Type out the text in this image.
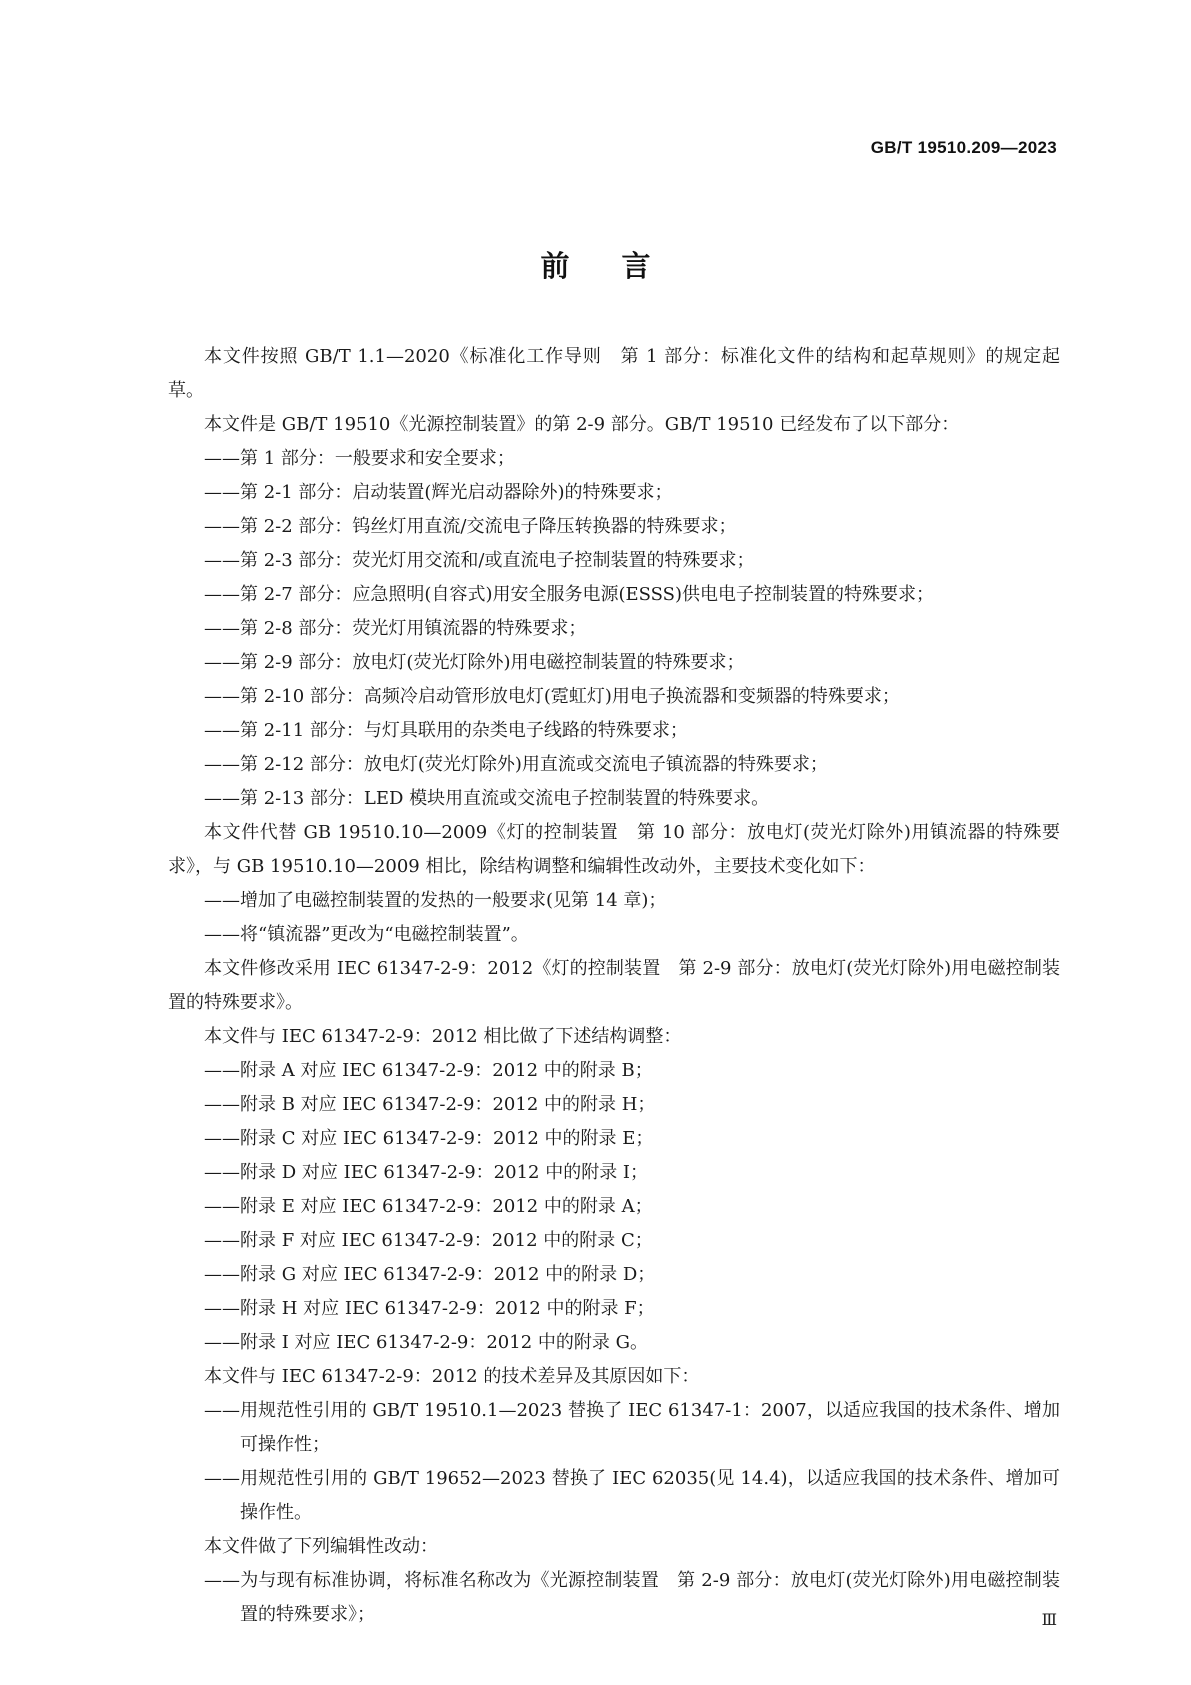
GB/T 19510.209—2023
前言
本文件按照 GB/T 1.1—2020《标准化工作导则　第 1 部分：标准化文件的结构和起草规则》的规定起草。
本文件是 GB/T 19510《光源控制装置》的第 2-9 部分。GB/T 19510 已经发布了以下部分：
——第 1 部分：一般要求和安全要求；
——第 2-1 部分：启动装置(辉光启动器除外)的特殊要求；
——第 2-2 部分：钨丝灯用直流/交流电子降压转换器的特殊要求；
——第 2-3 部分：荧光灯用交流和/或直流电子控制装置的特殊要求；
——第 2-7 部分：应急照明(自容式)用安全服务电源(ESSS)供电电子控制装置的特殊要求；
——第 2-8 部分：荧光灯用镇流器的特殊要求；
——第 2-9 部分：放电灯(荧光灯除外)用电磁控制装置的特殊要求；
——第 2-10 部分：高频冷启动管形放电灯(霓虹灯)用电子换流器和变频器的特殊要求；
——第 2-11 部分：与灯具联用的杂类电子线路的特殊要求；
——第 2-12 部分：放电灯(荧光灯除外)用直流或交流电子镇流器的特殊要求；
——第 2-13 部分：LED 模块用直流或交流电子控制装置的特殊要求。
本文件代替 GB 19510.10—2009《灯的控制装置　第 10 部分：放电灯(荧光灯除外)用镇流器的特殊要求》，与 GB 19510.10—2009 相比，除结构调整和编辑性改动外，主要技术变化如下：
——增加了电磁控制装置的发热的一般要求(见第 14 章)；
——将“镇流器”更改为“电磁控制装置”。
本文件修改采用 IEC 61347-2-9：2012《灯的控制装置　第 2-9 部分：放电灯(荧光灯除外)用电磁控制装置的特殊要求》。
本文件与 IEC 61347-2-9：2012 相比做了下述结构调整：
——附录 A 对应 IEC 61347-2-9：2012 中的附录 B；
——附录 B 对应 IEC 61347-2-9：2012 中的附录 H；
——附录 C 对应 IEC 61347-2-9：2012 中的附录 E；
——附录 D 对应 IEC 61347-2-9：2012 中的附录 I；
——附录 E 对应 IEC 61347-2-9：2012 中的附录 A；
——附录 F 对应 IEC 61347-2-9：2012 中的附录 C；
——附录 G 对应 IEC 61347-2-9：2012 中的附录 D；
——附录 H 对应 IEC 61347-2-9：2012 中的附录 F；
——附录 I 对应 IEC 61347-2-9：2012 中的附录 G。
本文件与 IEC 61347-2-9：2012 的技术差异及其原因如下：
——用规范性引用的 GB/T 19510.1—2023 替换了 IEC 61347-1：2007，以适应我国的技术条件、增加可操作性；
——用规范性引用的 GB/T 19652—2023 替换了 IEC 62035(见 14.4)，以适应我国的技术条件、增加可操作性。
本文件做了下列编辑性改动：
——为与现有标准协调，将标准名称改为《光源控制装置　第 2-9 部分：放电灯(荧光灯除外)用电磁控制装置的特殊要求》；	Ⅲ
